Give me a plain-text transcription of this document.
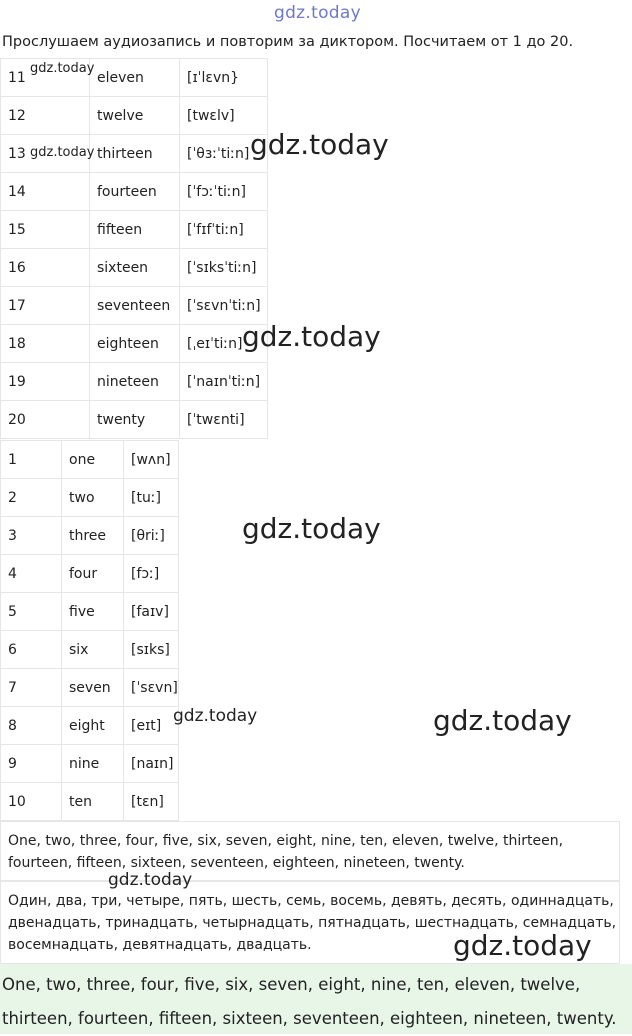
gdz.today
Прослушаем аудиозапись и повторим за диктором. Посчитаем от 1 до 20.
11	eleven	[ɪˈlɛvn}
12	twelve	[twɛlv]
13	thirteen	[ˈθɜːˈtiːn]
14	fourteen	[ˈfɔːˈtiːn]
15	fifteen	[ˈfɪfˈtiːn]
16	sixteen	[ˈsɪksˈtiːn]
17	seventeen	[ˈsɛvnˈtiːn]
18	eighteen	[ˌeɪˈtiːn]
19	nineteen	[ˈnaɪnˈtiːn]
20	twenty	[ˈtwɛnti]
1	one	[wʌn]
2	two	[tuː]
3	three	[θriː]
4	four	[fɔː]
5	five	[faɪv]
6	six	[sɪks]
7	seven	[ˈsɛvn]
8	eight	[eɪt]
9	nine	[naɪn]
10	ten	[tɛn]
One, two, three, four, five, six, seven, eight, nine, ten, eleven, twelve, thirteen, fourteen, fifteen, sixteen, seventeen, eighteen, nineteen, twenty.
Один, два, три, четыре, пять, шесть, семь, восемь, девять, десять, одиннадцать, двенадцать, тринадцать, четырнадцать, пятнадцать, шестнадцать, семнадцать, восемнадцать, девятнадцать, двадцать.
One, two, three, four, five, six, seven, eight, nine, ten, eleven, twelve, thirteen, fourteen, fifteen, sixteen, seventeen, eighteen, nineteen, twenty.
gdz.today
gdz.today	gdz.today
gdz.today
gdz.today
gdz.today	gdz.today
gdz.today
gdz.today
